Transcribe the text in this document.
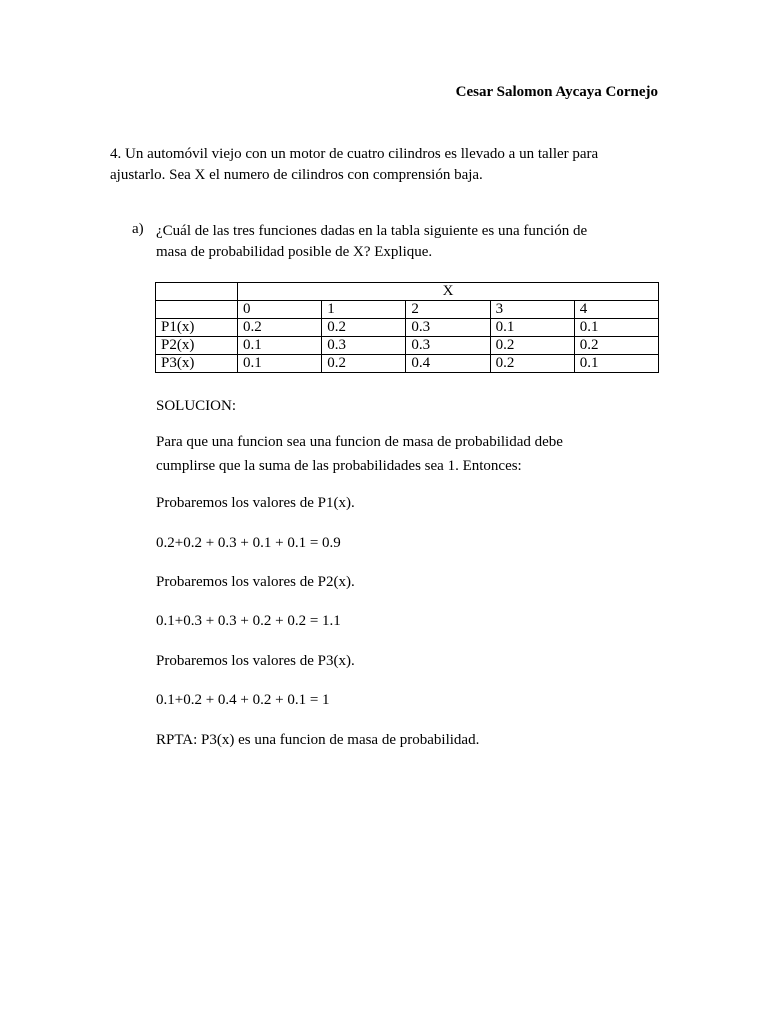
Cesar Salomon Aycaya Cornejo
4. Un automóvil viejo con un motor de cuatro cilindros es llevado a un taller para
ajustarlo. Sea X el numero de cilindros con comprensión baja.
a) ¿Cuál de las tres funciones dadas en la tabla siguiente es una función de
masa de probabilidad posible de X? Explique.
	X				
	0	1	2	3	4
P1(x)	0.2	0.2	0.3	0.1	0.1
P2(x)	0.1	0.3	0.3	0.2	0.2
P3(x)	0.1	0.2	0.4	0.2	0.1
SOLUCION:
Para que una funcion sea una funcion de masa de probabilidad debe
cumplirse que la suma de las probabilidades sea 1. Entonces:
Probaremos los valores de P1(x).
0.2+0.2 + 0.3 + 0.1 + 0.1 = 0.9
Probaremos los valores de P2(x).
0.1+0.3 + 0.3 + 0.2 + 0.2 = 1.1
Probaremos los valores de P3(x).
0.1+0.2 + 0.4 + 0.2 + 0.1 = 1
RPTA: P3(x) es una funcion de masa de probabilidad.
